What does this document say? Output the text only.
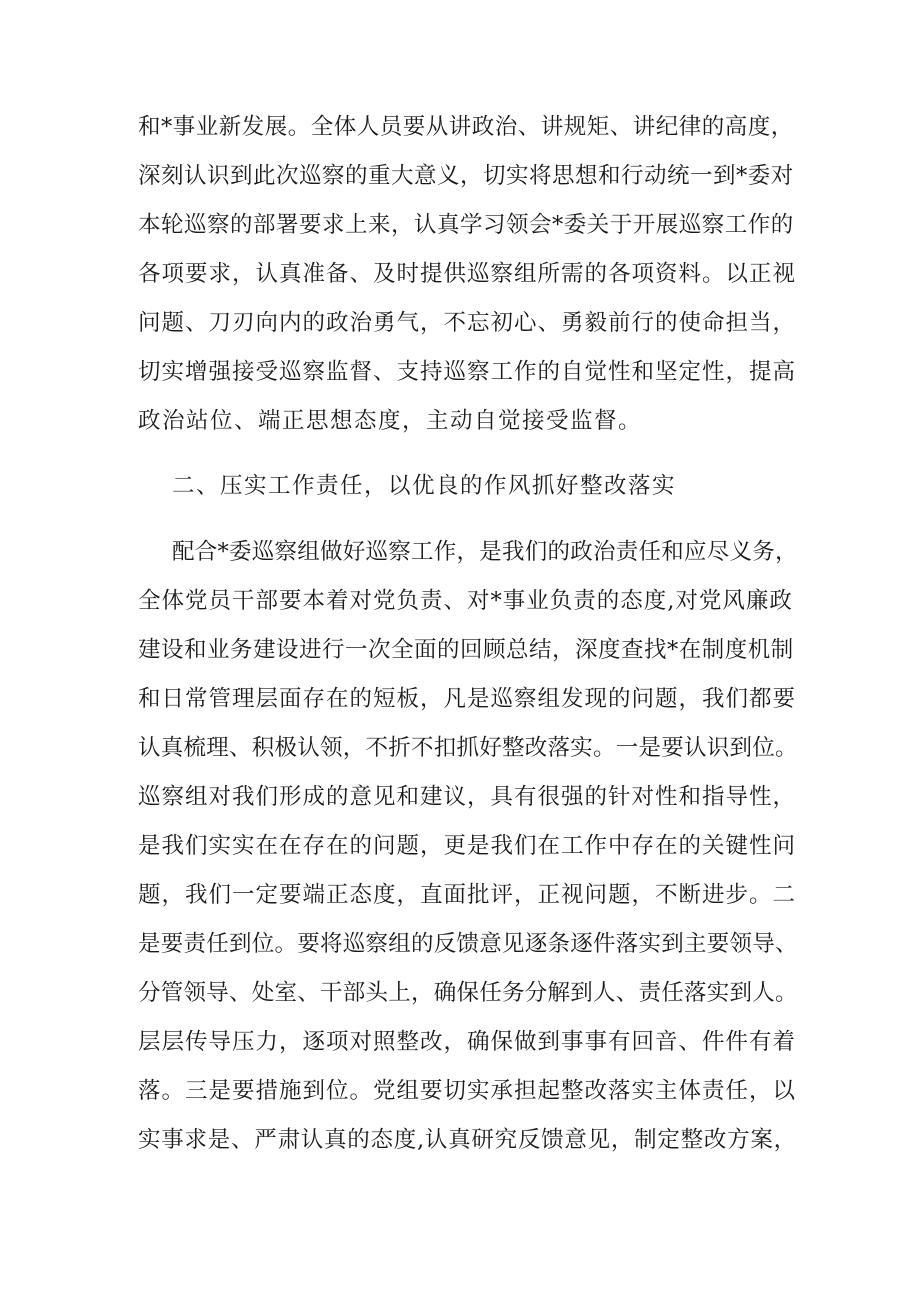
和*事业新发展。全体人员要从讲政治、讲规矩、讲纪律的高度，
深刻认识到此次巡察的重大意义，切实将思想和行动统一到*委对
本轮巡察的部署要求上来，认真学习领会*委关于开展巡察工作的
各项要求，认真准备、及时提供巡察组所需的各项资料。以正视
问题、刀刃向内的政治勇气，不忘初心、勇毅前行的使命担当，
切实增强接受巡察监督、支持巡察工作的自觉性和坚定性，提高
政治站位、端正思想态度，主动自觉接受监督。
二、压实工作责任，以优良的作风抓好整改落实
配合*委巡察组做好巡察工作，是我们的政治责任和应尽义务，
全体党员干部要本着对党负责、对*事业负责的态度,对党风廉政
建设和业务建设进行一次全面的回顾总结，深度查找*在制度机制
和日常管理层面存在的短板，凡是巡察组发现的问题，我们都要
认真梳理、积极认领，不折不扣抓好整改落实。一是要认识到位。
巡察组对我们形成的意见和建议，具有很强的针对性和指导性，
是我们实实在在存在的问题，更是我们在工作中存在的关键性问
题，我们一定要端正态度，直面批评，正视问题，不断进步。二
是要责任到位。要将巡察组的反馈意见逐条逐件落实到主要领导、
分管领导、处室、干部头上，确保任务分解到人、责任落实到人。
层层传导压力，逐项对照整改，确保做到事事有回音、件件有着
落。三是要措施到位。党组要切实承担起整改落实主体责任，以
实事求是、严肃认真的态度,认真研究反馈意见，制定整改方案，
